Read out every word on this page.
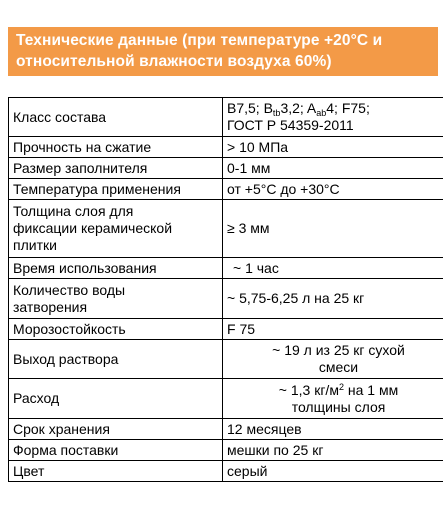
Технические данные (при температуре +20°С и
относительной влажности воздуха 60%)
Класс состава	B7,5; $B_{tb}3,2$; $A_{ab}4$; F75;
ГОСТ Р 54359-2011
Прочность на сжатие	> 10 МПа
Размер заполнителя	0-1 мм
Температура применения	от +5°С до +30°С
Толщина слоя для
фиксации керамической
плитки	≥ 3 мм
Время использования	~ 1 час
Количество воды
затворения	~ 5,75-6,25 л на 25 кг
Морозостойкость	F 75
Выход раствора	~ 19 л из 25 кг сухой
смеси
Расход	~ 1,3 $кг/м^2$ на 1 мм
толщины слоя
Срок хранения	12 месяцев
Форма поставки	мешки по 25 кг
Цвет	серый
